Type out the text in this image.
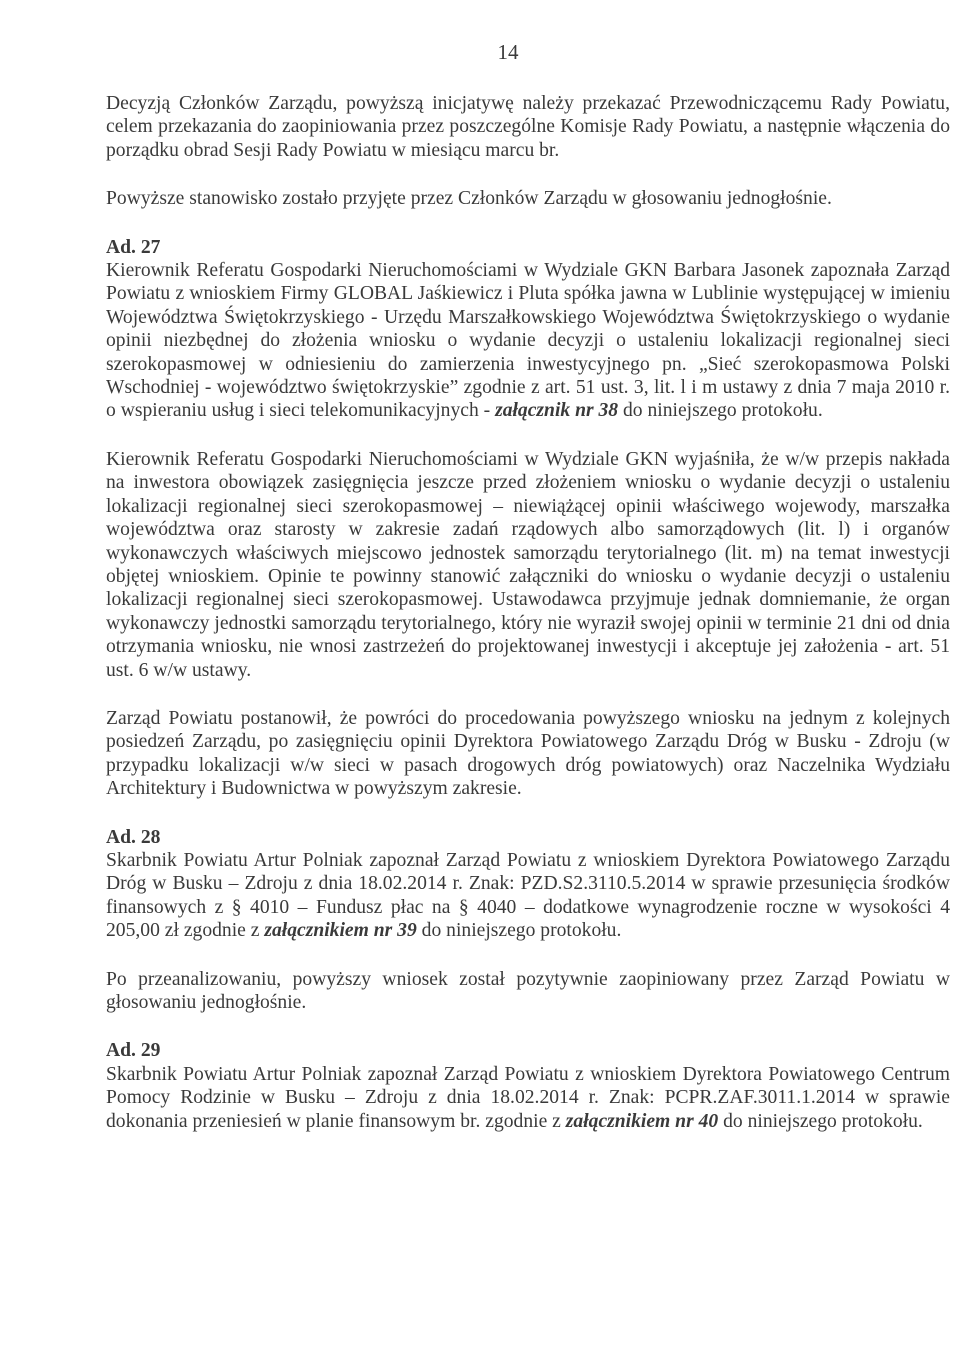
14

Decyzją Członków Zarządu, powyższą inicjatywę należy przekazać Przewodniczącemu Rady Powiatu, celem przekazania do zaopiniowania przez poszczególne Komisje Rady Powiatu, a następnie włączenia do porządku obrad Sesji Rady Powiatu w miesiącu marcu br.

Powyższe stanowisko zostało przyjęte przez Członków Zarządu w głosowaniu jednogłośnie.

Ad. 27

Kierownik Referatu Gospodarki Nieruchomościami w Wydziale GKN Barbara Jasonek zapoznała Zarząd Powiatu z wnioskiem Firmy GLOBAL Jaśkiewicz i Pluta spółka jawna w Lublinie występującej w imieniu Województwa Świętokrzyskiego - Urzędu Marszałkowskiego Województwa Świętokrzyskiego o wydanie opinii niezbędnej do złożenia wniosku o wydanie decyzji o ustaleniu lokalizacji regionalnej sieci szerokopasmowej w odniesieniu do zamierzenia inwestycyjnego pn. „Sieć szerokopasmowa Polski Wschodniej - województwo świętokrzyskie” zgodnie z art. 51 ust. 3, lit. l i m ustawy z dnia 7 maja 2010 r. o wspieraniu usług i sieci telekomunikacyjnych - załącznik nr 38 do niniejszego protokołu.

Kierownik Referatu Gospodarki Nieruchomościami w Wydziale GKN wyjaśniła, że w/w przepis nakłada na inwestora obowiązek zasięgnięcia jeszcze przed złożeniem wniosku o wydanie decyzji o ustaleniu lokalizacji regionalnej sieci szerokopasmowej – niewiążącej opinii właściwego wojewody, marszałka województwa oraz starosty w zakresie zadań rządowych albo samorządowych (lit. l) i organów wykonawczych właściwych miejscowo jednostek samorządu terytorialnego (lit. m) na temat inwestycji objętej wnioskiem. Opinie te powinny stanowić załączniki do wniosku o wydanie decyzji o ustaleniu lokalizacji regionalnej sieci szerokopasmowej. Ustawodawca przyjmuje jednak domniemanie, że organ wykonawczy jednostki samorządu terytorialnego, który nie wyraził swojej opinii w terminie 21 dni od dnia otrzymania wniosku, nie wnosi zastrzeżeń do projektowanej inwestycji i akceptuje jej założenia - art. 51 ust. 6 w/w ustawy.

Zarząd Powiatu postanowił, że powróci do procedowania powyższego wniosku na jednym z kolejnych posiedzeń Zarządu, po zasięgnięciu opinii Dyrektora Powiatowego Zarządu Dróg w Busku - Zdroju (w przypadku lokalizacji w/w sieci w pasach drogowych dróg powiatowych) oraz Naczelnika Wydziału Architektury i Budownictwa w powyższym zakresie.

Ad. 28

Skarbnik Powiatu Artur Polniak zapoznał Zarząd Powiatu z wnioskiem Dyrektora Powiatowego Zarządu Dróg w Busku – Zdroju z dnia 18.02.2014 r. Znak: PZD.S2.3110.5.2014 w sprawie przesunięcia środków finansowych z § 4010 – Fundusz płac na § 4040 – dodatkowe wynagrodzenie roczne w wysokości 4 205,00 zł zgodnie z załącznikiem nr 39 do niniejszego protokołu.

Po przeanalizowaniu, powyższy wniosek został pozytywnie zaopiniowany przez Zarząd Powiatu w głosowaniu jednogłośnie.

Ad. 29

Skarbnik Powiatu Artur Polniak zapoznał Zarząd Powiatu z wnioskiem Dyrektora Powiatowego Centrum Pomocy Rodzinie w Busku – Zdroju z dnia 18.02.2014 r. Znak: PCPR.ZAF.3011.1.2014 w sprawie dokonania przeniesień w planie finansowym br. zgodnie z załącznikiem nr 40 do niniejszego protokołu.
